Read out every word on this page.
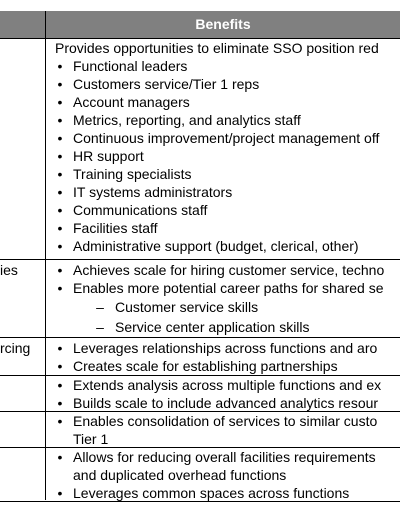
Benefits
Provides opportunities to eliminate SSO position red
• Functional leaders
• Customers service/Tier 1 reps
• Account managers
• Metrics, reporting, and analytics staff
• Continuous improvement/project management off
• HR support
• Training specialists
• IT systems administrators
• Communications staff
• Facilities staff
• Administrative support (budget, clerical, other)
ies	• Achieves scale for hiring customer service, techno
• Enables more potential career paths for shared se
– Customer service skills
– Service center application skills
rcing • Leverages relationships across functions and aro
• Creates scale for establishing partnerships
• Extends analysis across multiple functions and ex
• Builds scale to include advanced analytics resour
• Enables consolidation of services to similar custo
Tier 1
• Allows for reducing overall facilities requirements
and duplicated overhead functions
• Leverages common spaces across functions
